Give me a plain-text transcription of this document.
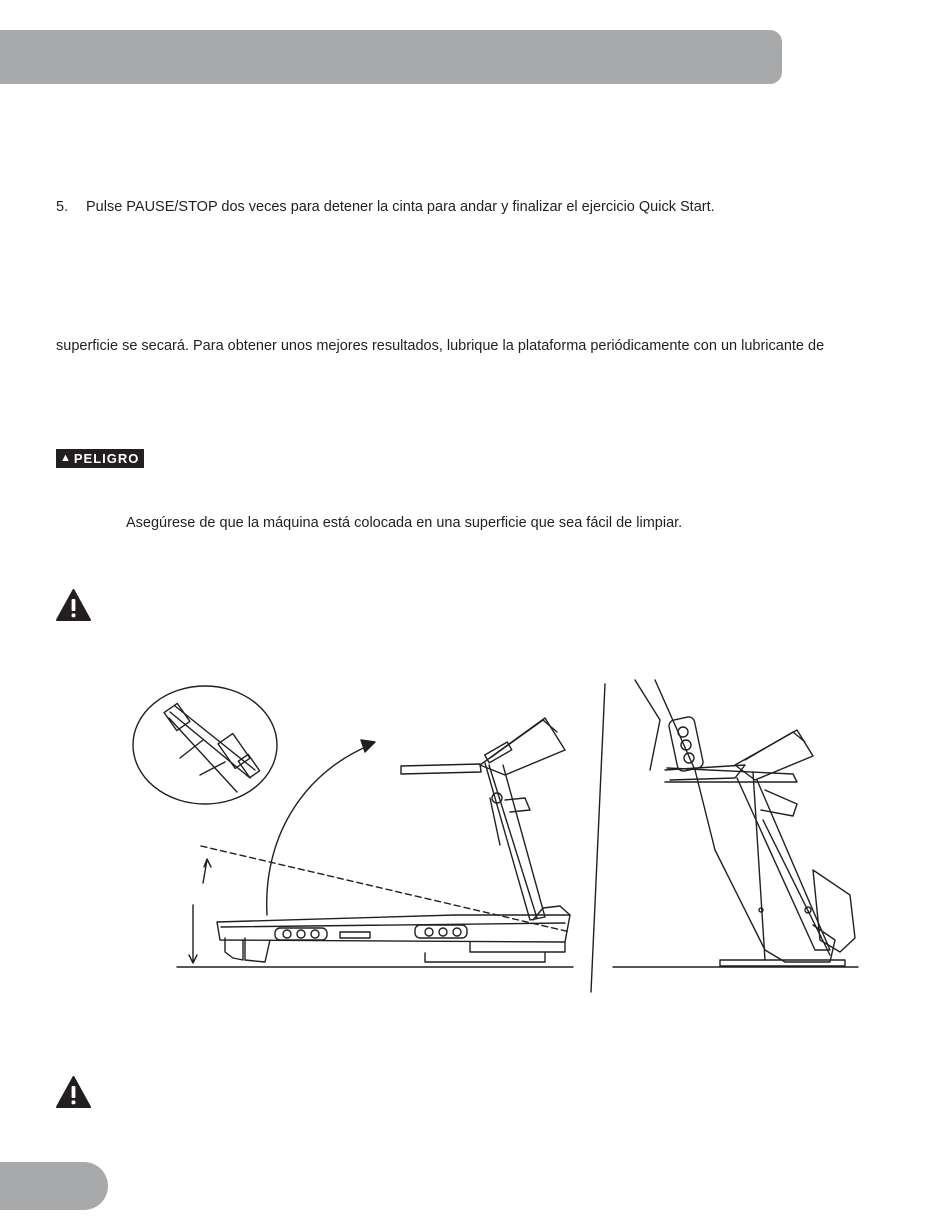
5. Pulse PAUSE/STOP dos veces para detener la cinta para andar y finalizar el ejercicio Quick Start.
superficie se secará. Para obtener unos mejores resultados, lubrique la plataforma periódicamente con un lubricante de
▲ PELIGRO
Asegúrese de que la máquina está colocada en una superficie que sea fácil de limpiar.
